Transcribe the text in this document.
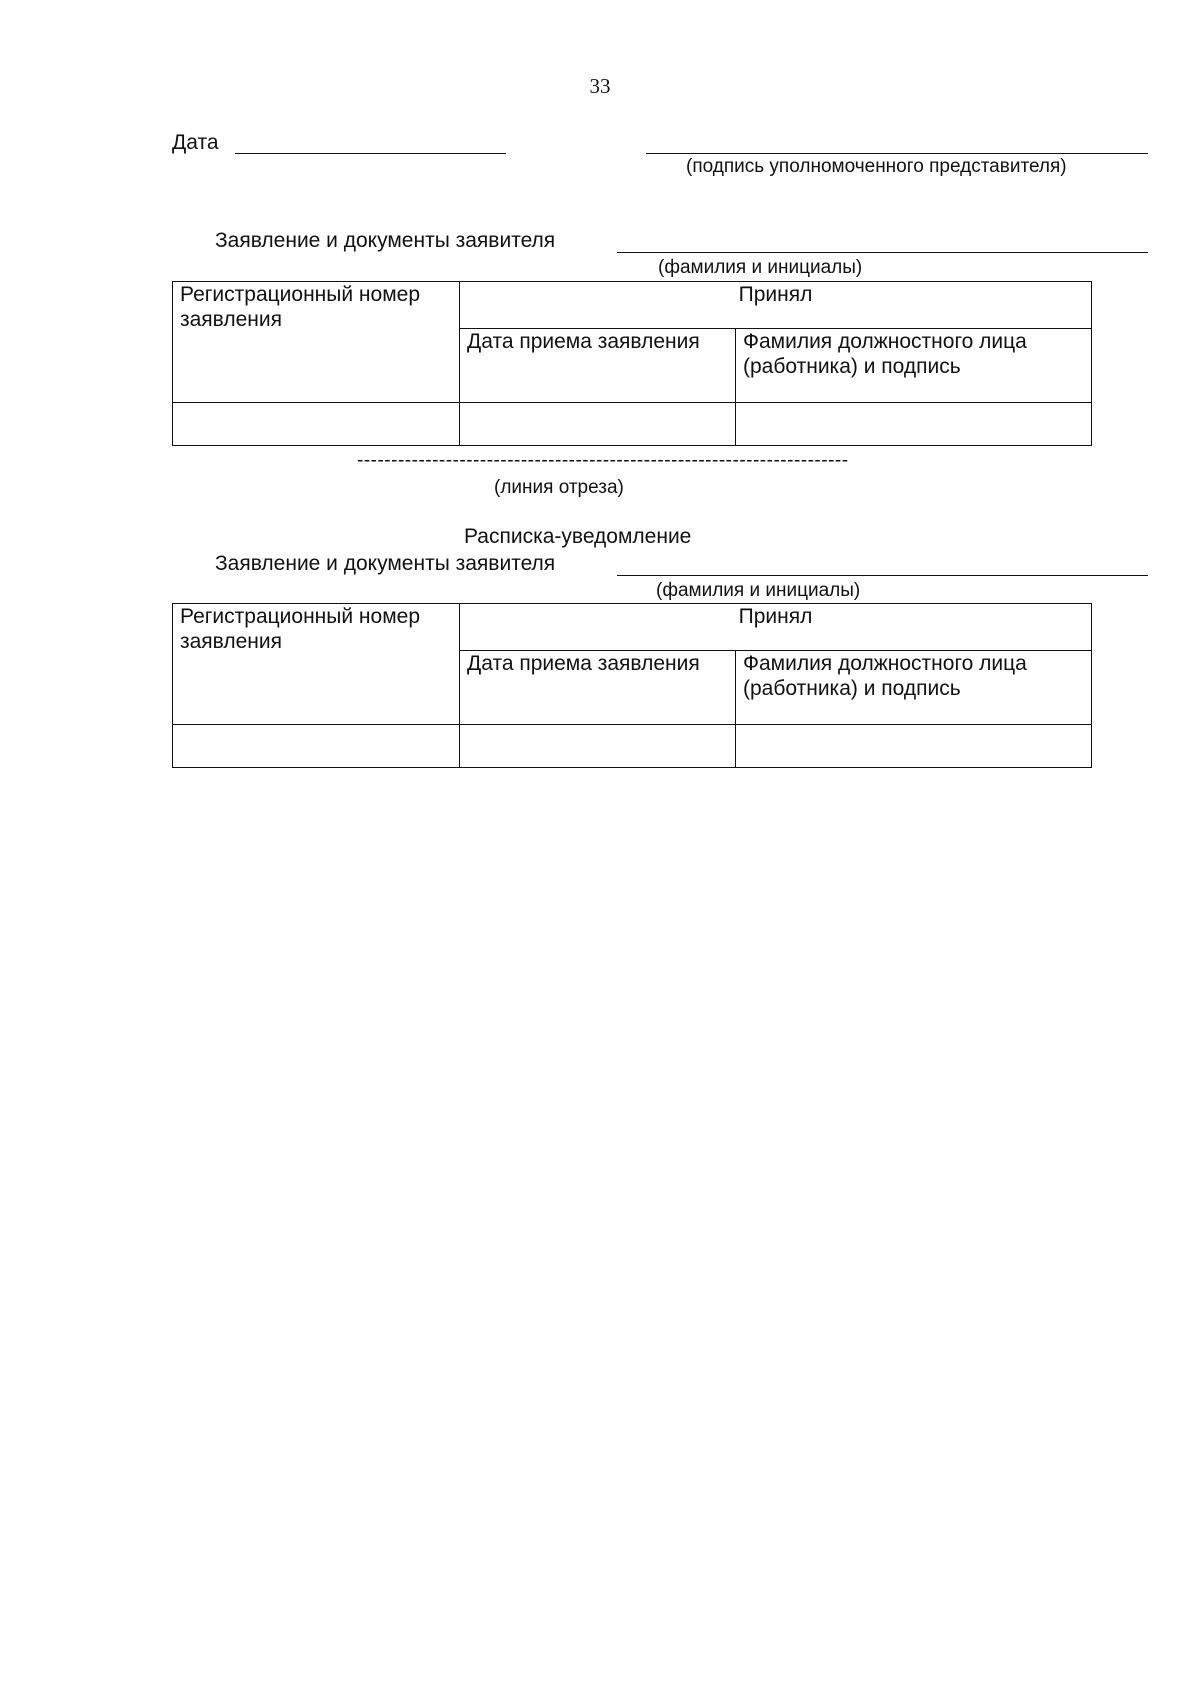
33
Дата
(подпись уполномоченного представителя)
Заявление и документы заявителя
(фамилия и инициалы)
Регистрационный номер заявления	Принял	
	Дата приема заявления	Фамилия должностного лица (работника) и подпись

------------------------------------------------------------------------
(линия отреза)
Расписка-уведомление
Заявление и документы заявителя
(фамилия и инициалы)
Регистрационный номер заявления	Принял	
	Дата приема заявления	Фамилия должностного лица (работника) и подпись
